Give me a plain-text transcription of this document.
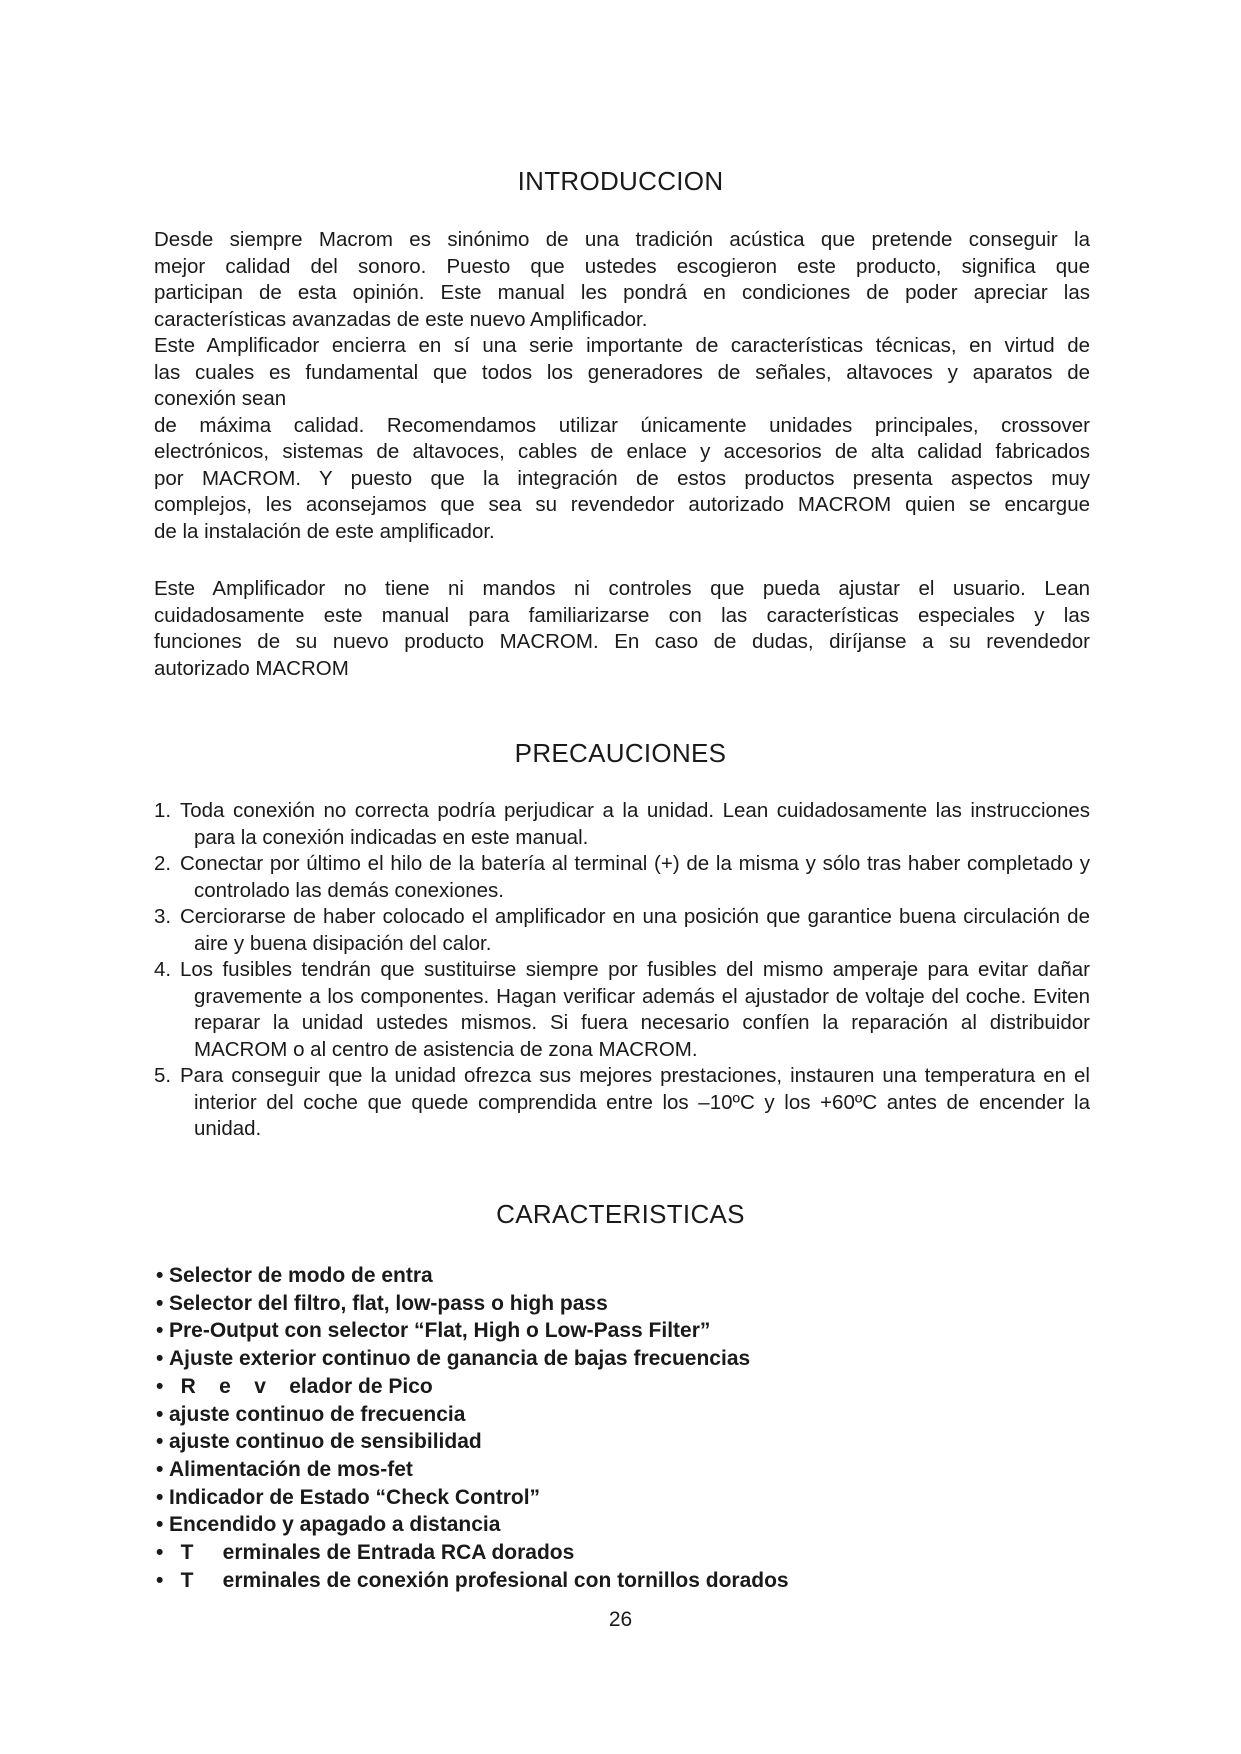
INTRODUCCION

Desde siempre Macrom es sinónimo de una tradición acústica que pretende conseguir la
mejor calidad del sonoro. Puesto que ustedes escogieron este producto, significa que
participan de esta opinión. Este manual les pondrá en condiciones de poder apreciar las
características avanzadas de este nuevo Amplificador.
Este Amplificador encierra en sí una serie importante de características técnicas, en virtud de
las cuales es fundamental que todos los generadores de señales, altavoces y aparatos de
conexión sean
de máxima calidad. Recomendamos utilizar únicamente unidades principales, crossover
electrónicos, sistemas de altavoces, cables de enlace y accesorios de alta calidad fabricados
por MACROM. Y puesto que la integración de estos productos presenta aspectos muy
complejos, les aconsejamos que sea su revendedor autorizado MACROM quien se encargue
de la instalación de este amplificador.

Este Amplificador no tiene ni mandos ni controles que pueda ajustar el usuario. Lean
cuidadosamente este manual para familiarizarse con las características especiales y las
funciones de su nuevo producto MACROM. En caso de dudas, diríjanse a su revendedor
autorizado MACROM

PRECAUCIONES
1. Toda conexión no correcta podría perjudicar a la unidad. Lean cuidadosamente las instrucciones para la conexión indicadas en este manual.
2. Conectar por último el hilo de la batería al terminal (+) de la misma y sólo tras haber completado y controlado las demás conexiones.
3. Cerciorarse de haber colocado el amplificador en una posición que garantice buena circulación de aire y buena disipación del calor.
4. Los fusibles tendrán que sustituirse siempre por fusibles del mismo amperaje para evitar dañar gravemente a los componentes. Hagan verificar además el ajustador de voltaje del coche. Eviten reparar la unidad ustedes mismos. Si fuera necesario confíen la reparación al distribuidor MACROM o al centro de asistencia de zona MACROM.
5. Para conseguir que la unidad ofrezca sus mejores prestaciones, instauren una temperatura en el interior del coche que quede comprendida entre los –10ºC y los +60ºC antes de encender la unidad.
CARACTERISTICAS
• Selector de modo de entra
• Selector del filtro, flat, low-pass o high pass
• Pre-Output con selector “Flat, High o Low-Pass Filter”
• Ajuste exterior continuo de ganancia de bajas frecuencias
•  R    e    v    elador de Pico
• ajuste continuo de frecuencia
• ajuste continuo de sensibilidad
• Alimentación de mos-fet
• Indicador de Estado “Check Control”
• Encendido y apagado a distancia
•  T     erminales de Entrada RCA dorados
•  T     erminales de conexión profesional con tornillos dorados

26
